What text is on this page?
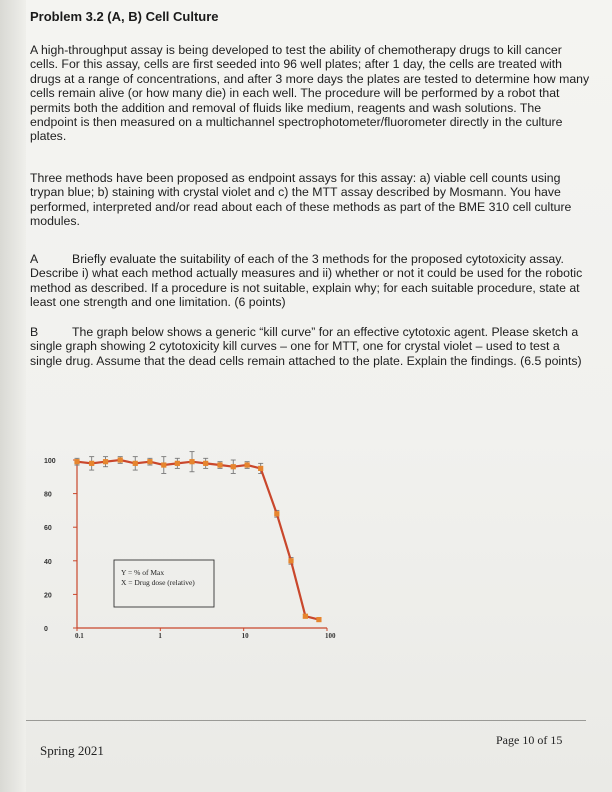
Problem 3.2 (A, B) Cell Culture

A high-throughput assay is being developed to test the ability of chemotherapy drugs to kill cancer cells. For this assay, cells are first seeded into 96 well plates; after 1 day, the cells are treated with drugs at a range of concentrations, and after 3 more days the plates are tested to determine how many cells remain alive (or how many die) in each well. The procedure will be performed by a robot that permits both the addition and removal of fluids like medium, reagents and wash solutions. The endpoint is then measured on a multichannel spectrophotometer/fluorometer directly in the culture plates.

Three methods have been proposed as endpoint assays for this assay: a) viable cell counts using trypan blue; b) staining with crystal violet and c) the MTT assay described by Mosmann. You have performed, interpreted and/or read about each of these methods as part of the BME 310 cell culture modules.

A	Briefly evaluate the suitability of each of the 3 methods for the proposed cytotoxicity assay. Describe i) what each method actually measures and ii) whether or not it could be used for the robotic method as described. If a procedure is not suitable, explain why; for each suitable procedure, state at least one strength and one limitation. (6 points)

B	The graph below shows a generic “kill curve” for an effective cytotoxic agent. Please sketch a single graph showing 2 cytotoxicity kill curves – one for MTT, one for crystal violet – used to test a single drug. Assume that the dead cells remain attached to the plate. Explain the findings. (6.5 points)

0
20
40
60
80
100
0.1	1	10	100
Y = % of Max
X = Drug dose (relative)
Spring 2021
Page 10 of 15
